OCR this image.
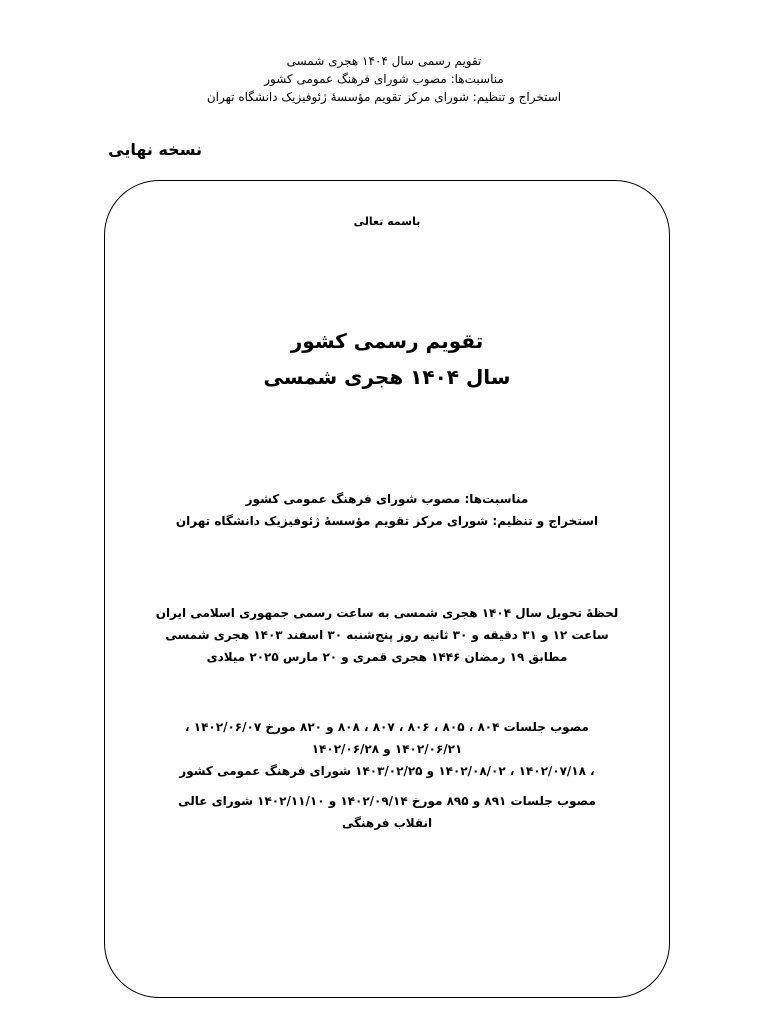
تقویم رسمی سال ۱۴۰۴ هجری شمسی
مناسبت‌ها: مصوب شورای فرهنگ عمومی کشور
استخراج و تنظیم: شورای مرکز تقویم مؤسسهٔ ژئوفیزیک دانشگاه تهران
نسخه نهایی
باسمه تعالی
تقویم رسمی کشور
سال ۱۴۰۴ هجری شمسی
مناسبت‌ها: مصوب شورای فرهنگ عمومی کشور
استخراج و تنظیم: شورای مرکز تقویم مؤسسهٔ ژئوفیزیک دانشگاه تهران
لحظهٔ تحویل سال ۱۴۰۴ هجری شمسی به ساعت رسمی جمهوری اسلامی ایران
ساعت ۱۲ و ۳۱ دقیقه و ۳۰ ثانیه روز پنج‌شنبه ۳۰ اسفند ۱۴۰۳ هجری شمسی
مطابق ۱۹ رمضان ۱۴۴۶ هجری قمری و ۲۰ مارس ۲۰۲۵ میلادی
مصوب جلسات ۸۰۴ ، ۸۰۵ ، ۸۰۶ ، ۸۰۷ ، ۸۰۸ و ۸۲۰ مورخ ۱۴۰۲/۰۶/۰۷ ، ۱۴۰۲/۰۶/۲۱ و ۱۴۰۲/۰۶/۲۸
، ۱۴۰۲/۰۷/۱۸ ، ۱۴۰۲/۰۸/۰۲ و ۱۴۰۳/۰۲/۲۵ شورای فرهنگ عمومی کشور
مصوب جلسات ۸۹۱ و ۸۹۵ مورخ ۱۴۰۲/۰۹/۱۴ و ۱۴۰۲/۱۱/۱۰ شورای عالی انقلاب فرهنگی
